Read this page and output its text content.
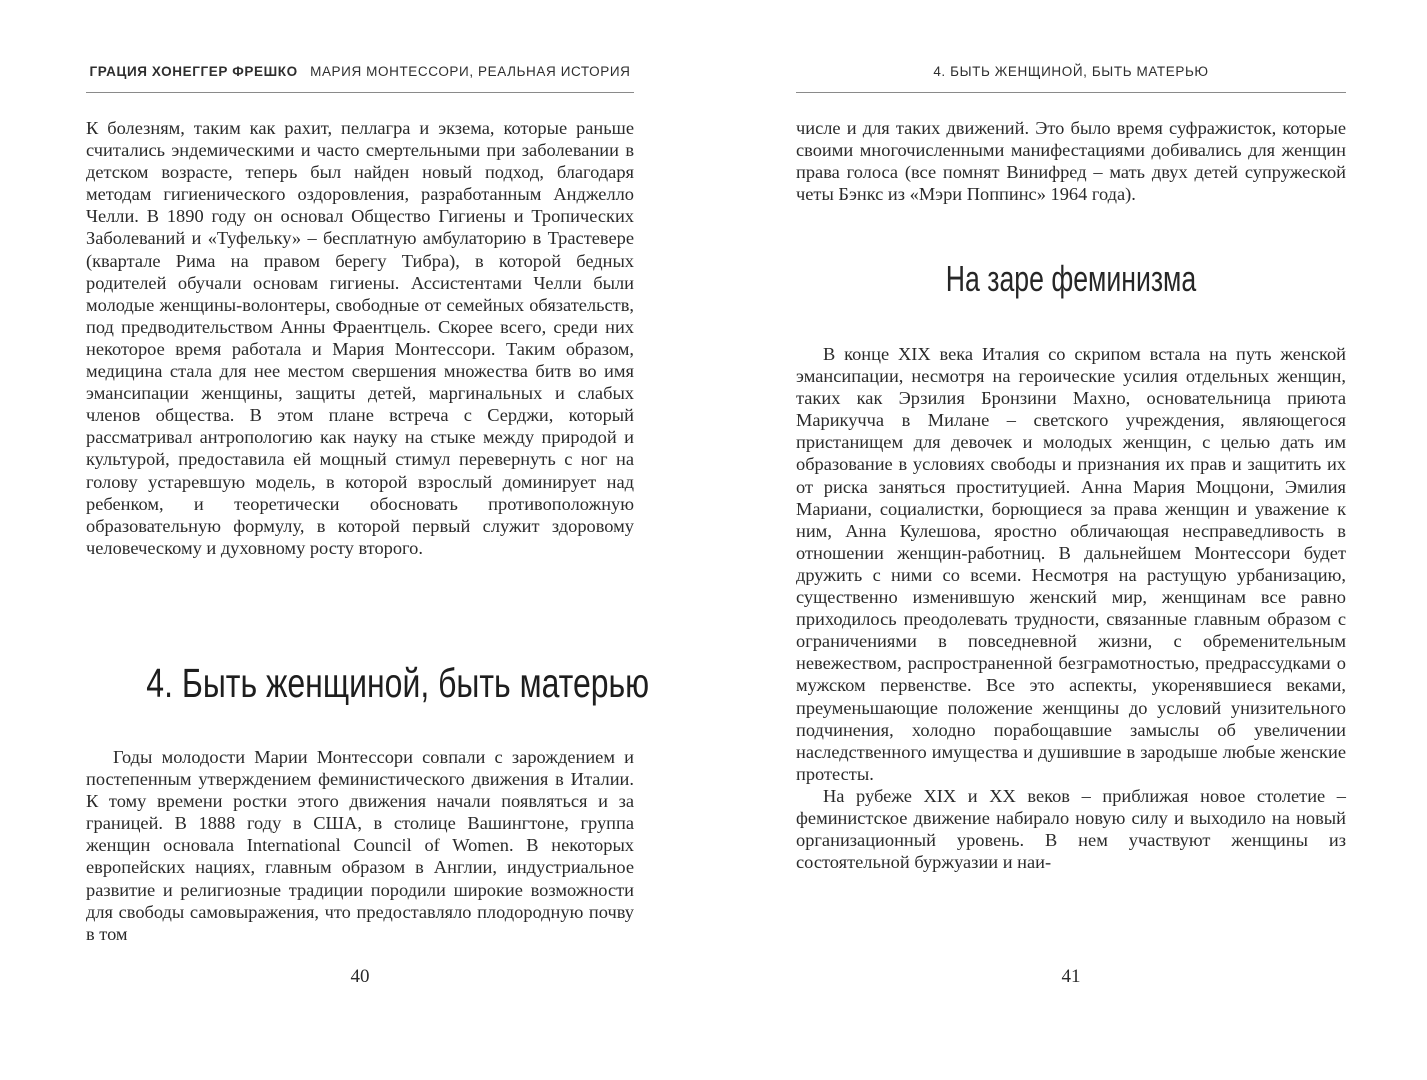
ГРАЦИЯ ХОНЕГГЕР ФРЕШКО МАРИЯ МОНТЕССОРИ, РЕАЛЬНАЯ ИСТОРИЯ

К болезням, таким как рахит, пеллагра и экзема, которые раньше считались эндемическими и часто смертельными при заболевании в детском возрасте, теперь был найден новый подход, благодаря методам гигиенического оздоровления, разработанным Анджелло Челли. В 1890 году он основал Общество Гигиены и Тропических Заболеваний и «Туфельку» – бесплатную амбулаторию в Трастевере (квартале Рима на правом берегу Тибра), в которой бедных родителей обучали основам гигиены. Ассистентами Челли были молодые женщины-волонтеры, свободные от семейных обязательств, под предводительством Анны Фраентцель. Скорее всего, среди них некоторое время работала и Мария Монтессори. Таким образом, медицина стала для нее местом свершения множества битв во имя эмансипации женщины, защиты детей, маргинальных и слабых членов общества. В этом плане встреча с Серджи, который рассматривал антропологию как науку на стыке между природой и культурой, предоставила ей мощный стимул перевернуть с ног на голову устаревшую модель, в которой взрослый доминирует над ребенком, и теоретически обосновать противоположную образовательную формулу, в которой первый служит здоровому человеческому и духовному росту второго.

4. Быть женщиной, быть матерью

Годы молодости Марии Монтессори совпали с зарождением и постепенным утверждением феминистического движения в Италии. К тому времени ростки этого движения начали появляться и за границей. В 1888 году в США, в столице Вашингтоне, группа женщин основала International Council of Women. В некоторых европейских нациях, главным образом в Англии, индустриальное развитие и религиозные традиции породили широкие возможности для свободы самовыражения, что предоставляло плодородную почву в том

40
4. БЫТЬ ЖЕНЩИНОЙ, БЫТЬ МАТЕРЬЮ

числе и для таких движений. Это было время суфражисток, которые своими многочисленными манифестациями добивались для женщин права голоса (все помнят Винифред – мать двух детей супружеской четы Бэнкс из «Мэри Поппинс» 1964 года).

На заре феминизма

В конце XIX века Италия со скрипом встала на путь женской эмансипации, несмотря на героические усилия отдельных женщин, таких как Эрзилия Бронзини Махно, основательница приюта Марикучча в Милане – светского учреждения, являющегося пристанищем для девочек и молодых женщин, с целью дать им образование в условиях свободы и признания их прав и защитить их от риска заняться проституцией. Анна Мария Моццони, Эмилия Мариани, социалистки, борющиеся за права женщин и уважение к ним, Анна Кулешова, яростно обличающая несправедливость в отношении женщин-работниц. В дальнейшем Монтессори будет дружить с ними со всеми. Несмотря на растущую урбанизацию, существенно изменившую женский мир, женщинам все равно приходилось преодолевать трудности, связанные главным образом с ограничениями в повседневной жизни, с обременительным невежеством, распространенной безграмотностью, предрассудками о мужском первенстве. Все это аспекты, укоренявшиеся веками, преуменьшающие положение женщины до условий унизительного подчинения, холодно порабощавшие замыслы об увеличении наследственного имущества и душившие в зародыше любые женские протесты.

На рубеже XIX и XX веков – приближая новое столетие – феминистское движение набирало новую силу и выходило на новый организационный уровень. В нем участвуют женщины из состоятельной буржуазии и наи-

41
